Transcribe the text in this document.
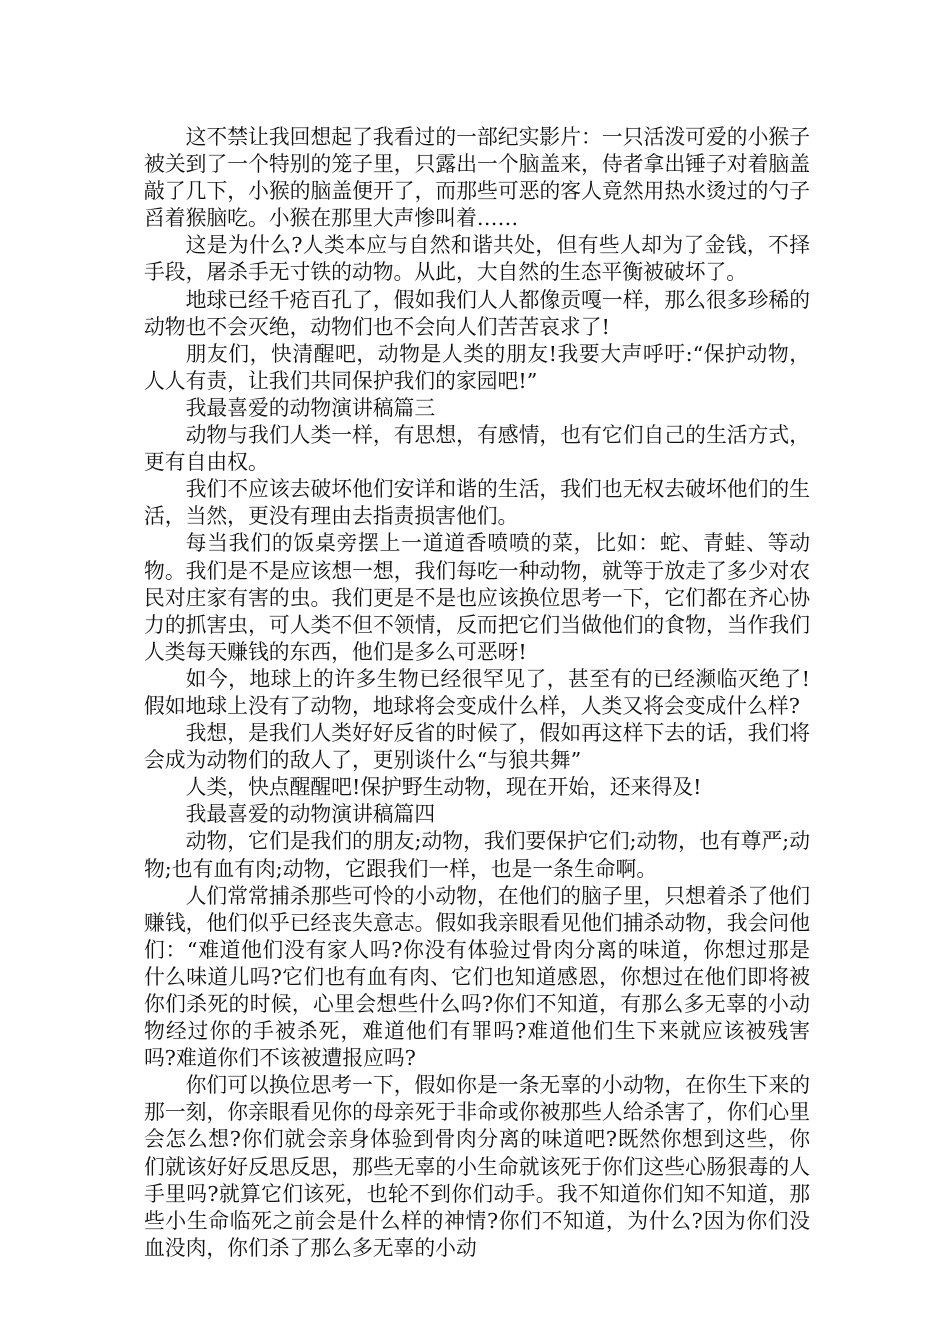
这不禁让我回想起了我看过的一部纪实影片：一只活泼可爱的小猴子被关到了一个特别的笼子里，只露出一个脑盖来，侍者拿出锤子对着脑盖敲了几下，小猴的脑盖便开了，而那些可恶的客人竟然用热水烫过的勺子舀着猴脑吃。小猴在那里大声惨叫着……

这是为什么?人类本应与自然和谐共处，但有些人却为了金钱，不择手段，屠杀手无寸铁的动物。从此，大自然的生态平衡被破坏了。

地球已经千疮百孔了，假如我们人人都像贡嘎一样，那么很多珍稀的动物也不会灭绝，动物们也不会向人们苦苦哀求了!

朋友们，快清醒吧，动物是人类的朋友!我要大声呼吁:“保护动物，人人有责，让我们共同保护我们的家园吧!”

我最喜爱的动物演讲稿篇三

动物与我们人类一样，有思想，有感情，也有它们自己的生活方式，更有自由权。

我们不应该去破坏他们安详和谐的生活，我们也无权去破坏他们的生活，当然，更没有理由去指责损害他们。

每当我们的饭桌旁摆上一道道香喷喷的菜，比如：蛇、青蛙、等动物。我们是不是应该想一想，我们每吃一种动物，就等于放走了多少对农民对庄家有害的虫。我们更是不是也应该换位思考一下，它们都在齐心协力的抓害虫，可人类不但不领情，反而把它们当做他们的食物，当作我们人类每天赚钱的东西，他们是多么可恶呀!

如今，地球上的许多生物已经很罕见了，甚至有的已经濒临灭绝了!假如地球上没有了动物，地球将会变成什么样，人类又将会变成什么样?

我想，是我们人类好好反省的时候了，假如再这样下去的话，我们将会成为动物们的敌人了，更别谈什么“与狼共舞”

人类，快点醒醒吧!保护野生动物，现在开始，还来得及!

我最喜爱的动物演讲稿篇四

动物，它们是我们的朋友;动物，我们要保护它们;动物，也有尊严;动物;也有血有肉;动物，它跟我们一样，也是一条生命啊。

人们常常捕杀那些可怜的小动物，在他们的脑子里，只想着杀了他们赚钱，他们似乎已经丧失意志。假如我亲眼看见他们捕杀动物，我会问他们：“难道他们没有家人吗?你没有体验过骨肉分离的味道，你想过那是什么味道儿吗?它们也有血有肉、它们也知道感恩，你想过在他们即将被你们杀死的时候，心里会想些什么吗?你们不知道，有那么多无辜的小动物经过你的手被杀死，难道他们有罪吗?难道他们生下来就应该被残害吗?难道你们不该被遭报应吗?

你们可以换位思考一下，假如你是一条无辜的小动物，在你生下来的那一刻，你亲眼看见你的母亲死于非命或你被那些人给杀害了，你们心里会怎么想?你们就会亲身体验到骨肉分离的味道吧?既然你想到这些，你们就该好好反思反思，那些无辜的小生命就该死于你们这些心肠狠毒的人手里吗?就算它们该死，也轮不到你们动手。我不知道你们知不知道，那些小生命临死之前会是什么样的神情?你们不知道，为什么?因为你们没血没肉，你们杀了那么多无辜的小动
